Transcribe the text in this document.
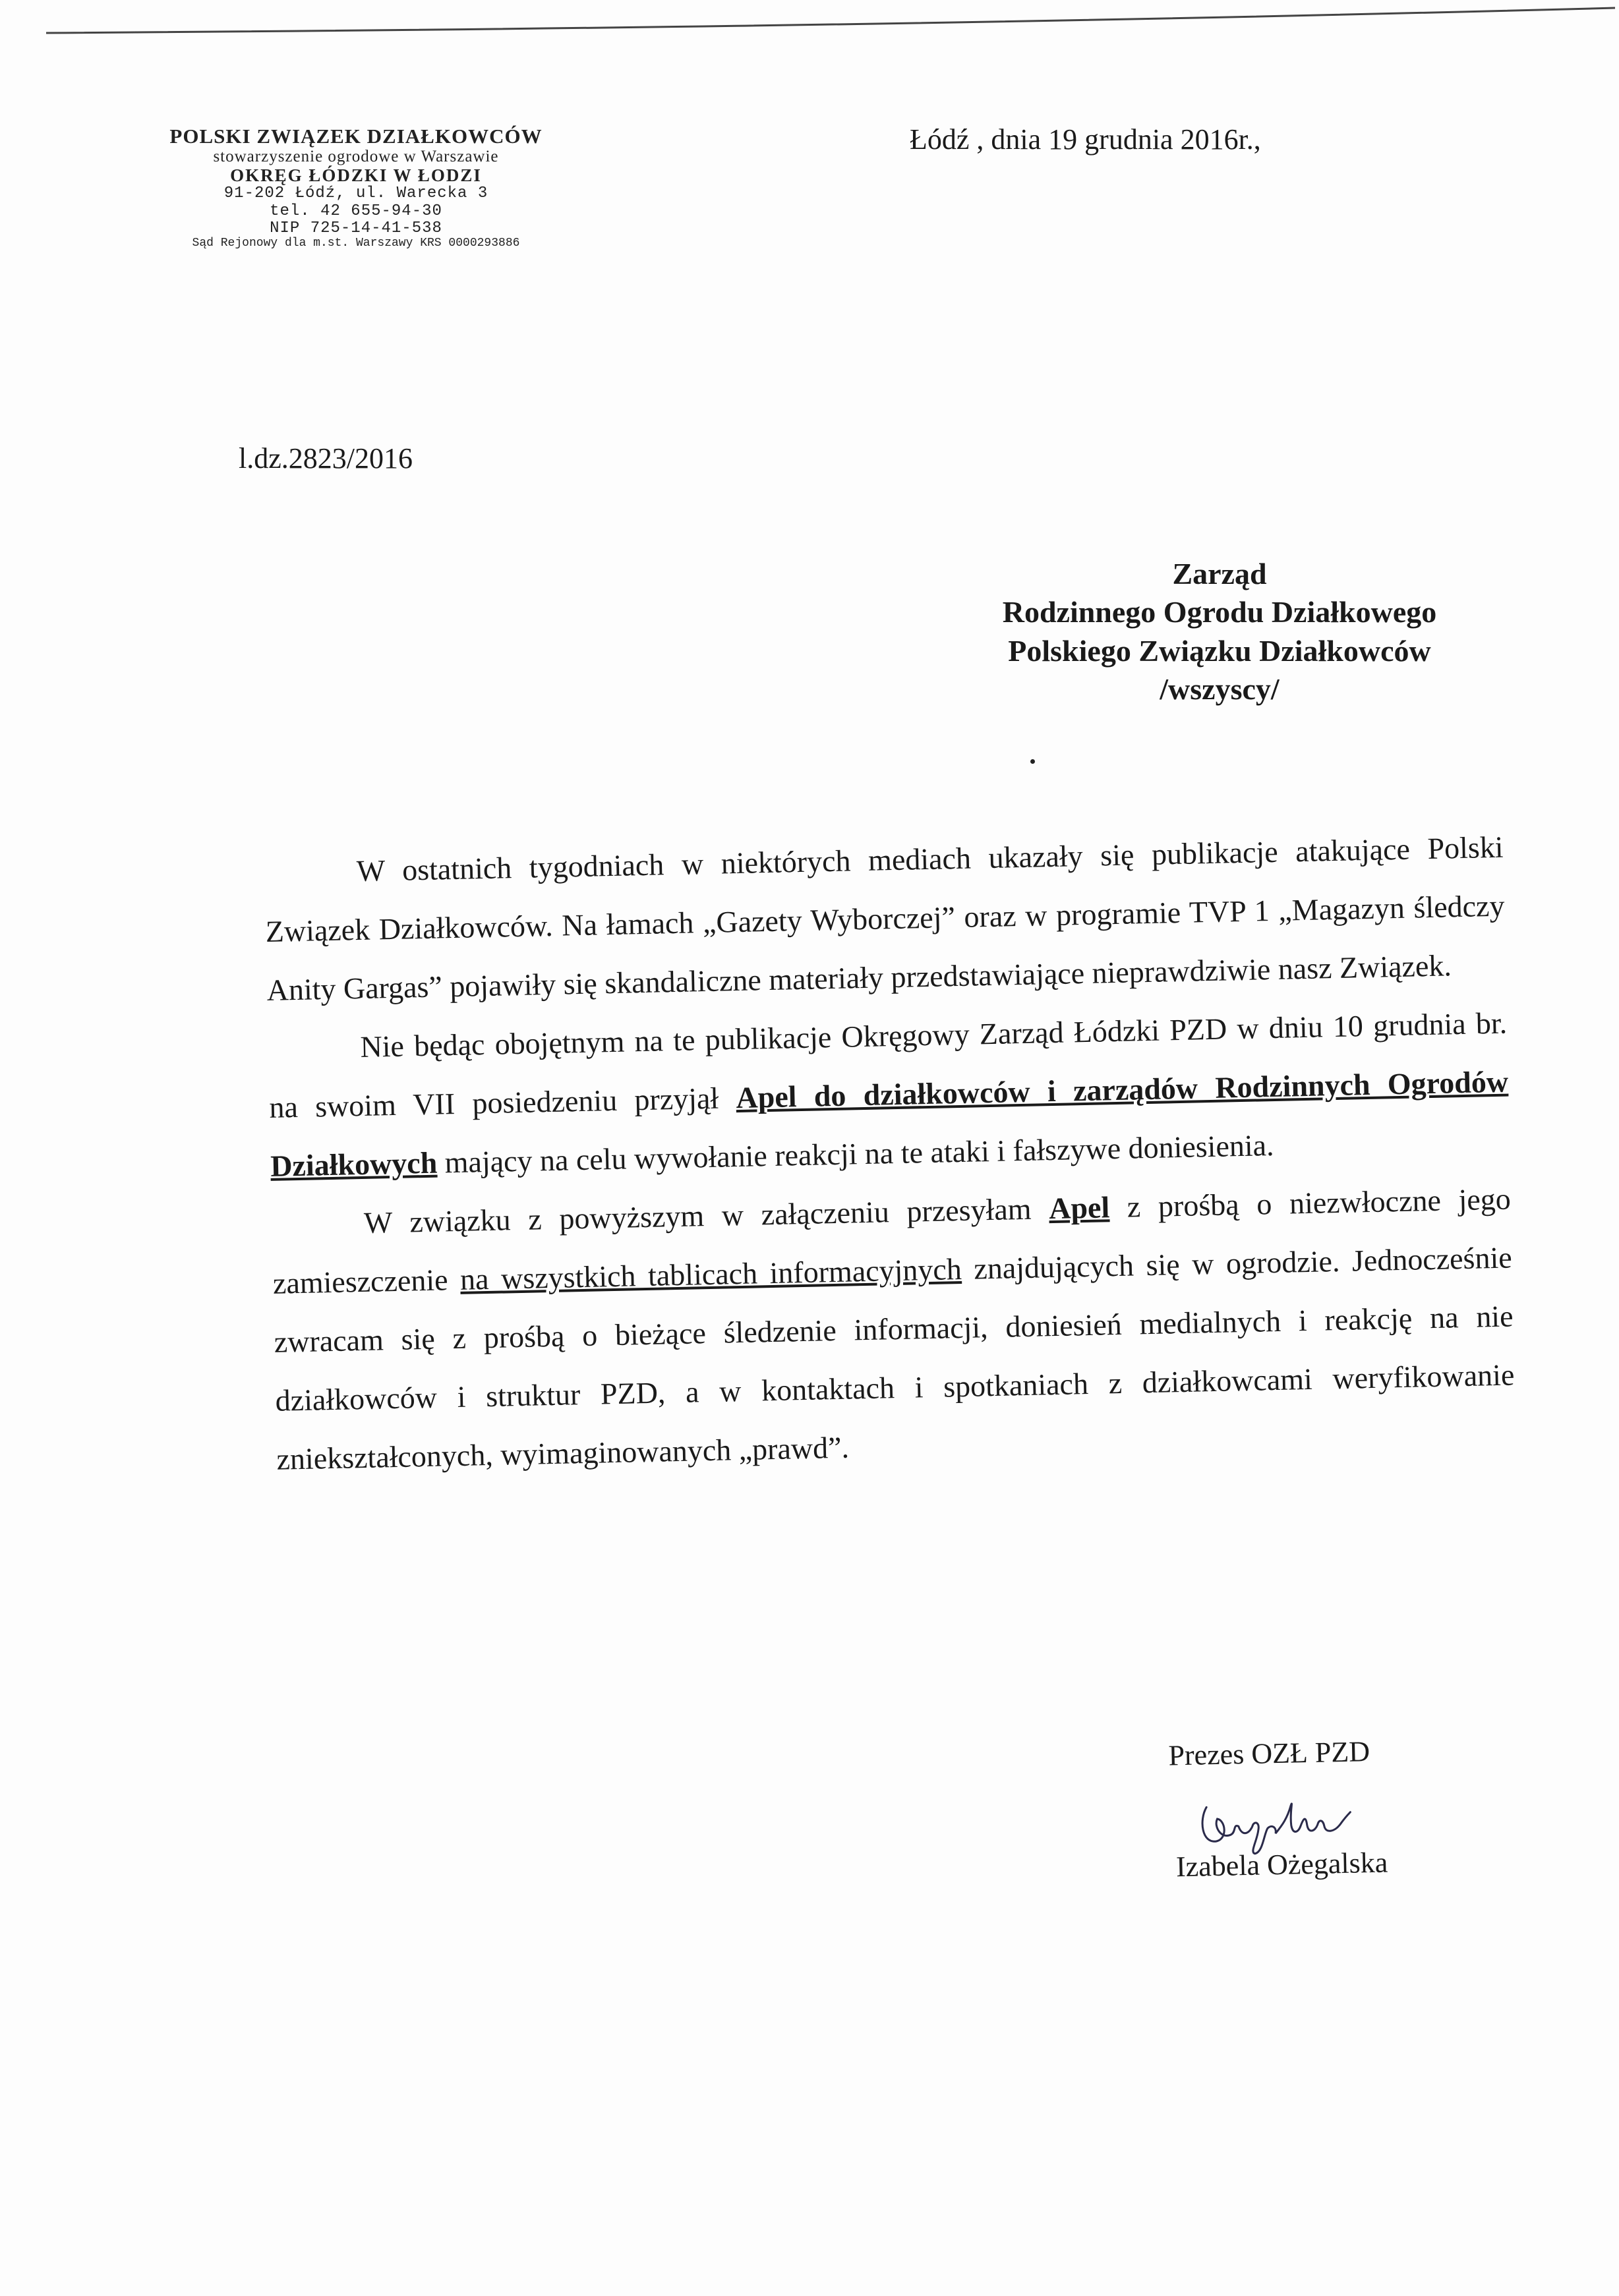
POLSKI ZWIĄZEK DZIAŁKOWCÓW
stowarzyszenie ogrodowe w Warszawie
OKRĘG ŁÓDZKI W ŁODZI
91-202 Łódź, ul. Warecka 3
tel. 42 655-94-30
NIP 725-14-41-538
Sąd Rejonowy dla m.st. Warszawy KRS 0000293886
Łódź , dnia 19 grudnia 2016r.,
l.dz.2823/2016
Zarząd
Rodzinnego Ogrodu Działkowego
Polskiego Związku Działkowców
/wszyscy/

W ostatnich tygodniach w niektórych mediach ukazały się publikacje atakujące Polski Związek Działkowców. Na łamach „Gazety Wyborczej” oraz w programie TVP 1 „Magazyn śledczy Anity Gargas” pojawiły się skandaliczne materiały przedstawiające nieprawdziwie nasz Związek.

Nie będąc obojętnym na te publikacje Okręgowy Zarząd Łódzki PZD w dniu 10 grudnia br. na swoim VII posiedzeniu przyjął Apel do działkowców i zarządów Rodzinnych Ogrodów Działkowych mający na celu wywołanie reakcji na te ataki i fałszywe doniesienia.

W związku z powyższym w załączeniu przesyłam Apel z prośbą o niezwłoczne jego zamieszczenie na wszystkich tablicach informacyjnych znajdujących się w ogrodzie. Jednocześnie zwracam się z prośbą o bieżące śledzenie informacji, doniesień medialnych i reakcję na nie działkowców i struktur PZD, a w kontaktach i spotkaniach z działkowcami weryfikowanie zniekształconych, wyimaginowanych „prawd”.

Prezes OZŁ PZD
Izabela Ożegalska
